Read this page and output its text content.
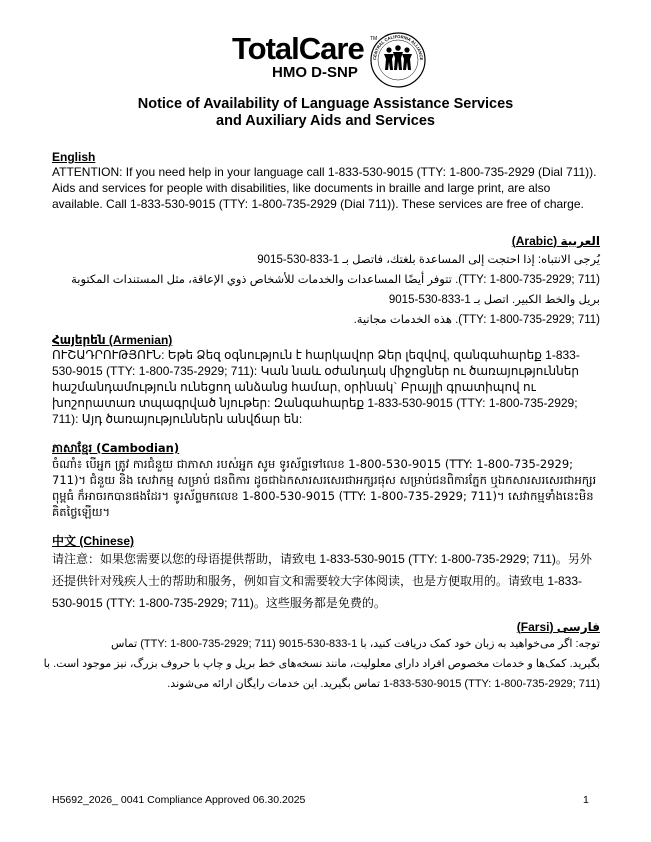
TotalCare TM
HMO D-SNP
CENTRAL CALIFORNIA ALLIANCE
Notice of Availability of Language Assistance Services
and Auxiliary Aids and Services
English
ATTENTION: If you need help in your language call 1-833-530-9015 (TTY: 1-800-735-2929 (Dial 711)). Aids and services for people with disabilities, like documents in braille and large print, are also available. Call 1-833-530-9015 (TTY: 1-800-735-2929 (Dial 711)). These services are free of charge.
العربية (Arabic)
يُرجى الانتباه: إذا احتجت إلى المساعدة بلغتك، فاتصل بـ 1-833-530-9015
(TTY: 1-800-735-2929; 711). تتوفر أيضًا المساعدات والخدمات للأشخاص ذوي الإعاقة، مثل المستندات المكتوبة
بريل والخط الكبير. اتصل بـ 1-833-530-9015
(TTY: 1-800-735-2929; 711). هذه الخدمات مجانية.
Հայերեն (Armenian)
ՈՒՇԱԴՐՈՒԹՅՈՒՆ: Եթե Ձեզ օգնություն է հարկավոր Ձեր լեզվով, զանգահարեք 1-833-530-9015 (TTY: 1-800-735-2929; 711): Կան նաև օժանդակ միջոցներ ու ծառայություններ հաշմանդամություն ունեցող անձանց համար, օրինակ` Բրայլի գրատիպով ու խոշորատառ տպագրված նյութեր: Զանգահարեք 1-833-530-9015 (TTY: 1-800-735-2929; 711): Այդ ծառայություններն անվճար են:
ភាសាខ្មែរ (Cambodian)
ចំណាំ៖ បើអ្នក ត្រូវ ការជំនួយ ជាភាសា របស់អ្នក សូម ទូរស័ព្ទទៅលេខ 1-800-530-9015 (TTY: 1-800-735-2929; 711)។ ជំនួយ និង សេវាកម្ម សម្រាប់ ជនពិការ ដូចជាឯកសារសរសេរជាអក្សរផុស សម្រាប់ជនពិការភ្នែក ឬឯកសារសរសេរជាអក្សរពុម្ពធំ ក៏អាចរកបានផងដែរ។ ទូរស័ព្ទមកលេខ 1-800-530-9015 (TTY: 1-800-735-2929; 711)។ សេវាកម្មទាំងនេះមិនគិតថ្លៃឡើយ។
中文 (Chinese)
请注意：如果您需要以您的母语提供帮助，请致电 1-833-530-9015 (TTY: 1-800-735-2929; 711)。另外还提供针对残疾人士的帮助和服务，例如盲文和需要较大字体阅读，也是方便取用的。请致电 1-833-530-9015 (TTY: 1-800-735-2929; 711)。这些服务都是免费的。
فارسی (Farsi)
توجه: اگر می‌خواهید به زبان خود کمک دریافت کنید، با 1-833-530-9015 (TTY: 1-800-735-2929; 711) تماس
بگیرید. کمک‌ها و خدمات مخصوص افراد دارای معلولیت، مانند نسخه‌های خط بریل و چاپ با حروف بزرگ، نیز موجود است. با
(TTY: 1-800-735-2929; 711) 1-833-530-9015 تماس بگیرید. این خدمات رایگان ارائه می‌شوند.
H5692_2026_ 0041 Compliance Approved 06.30.2025	1
